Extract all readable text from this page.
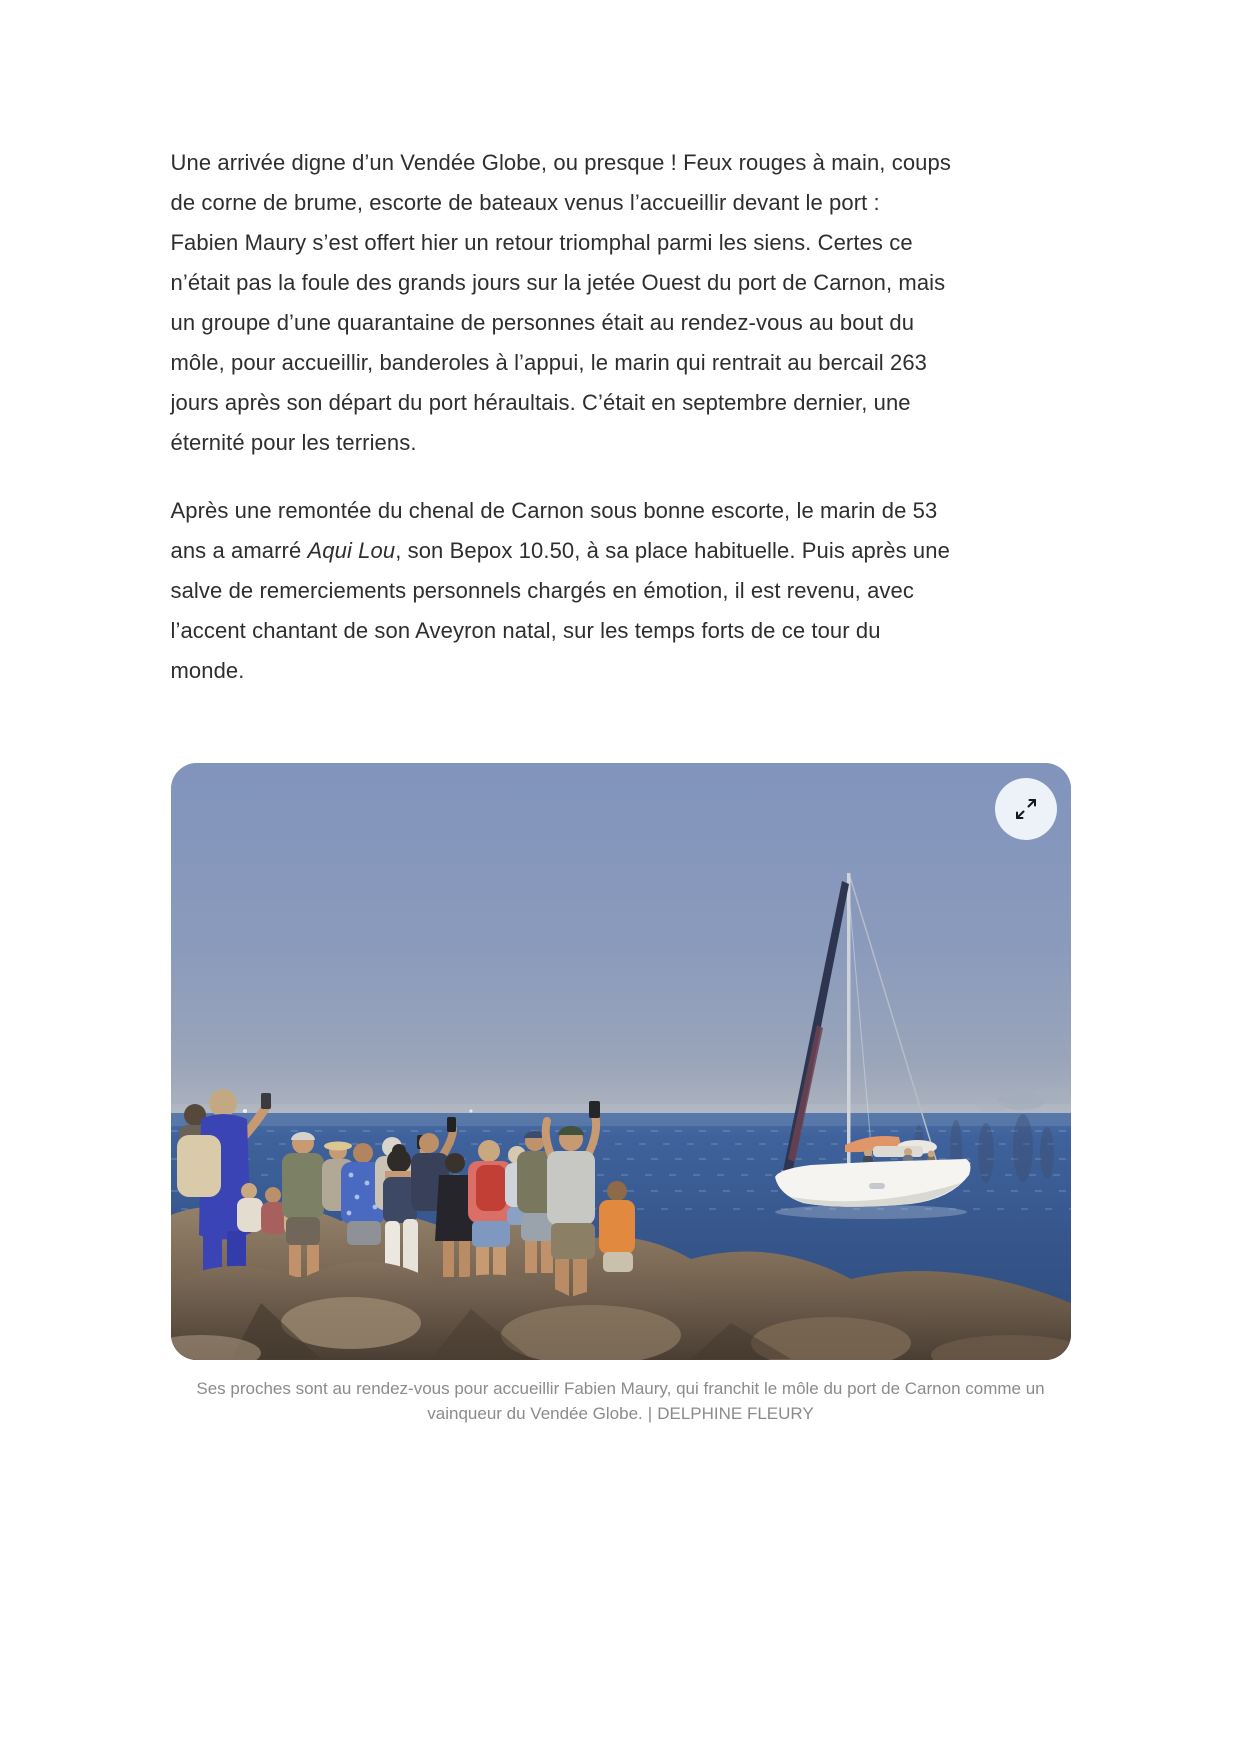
Une arrivée digne d’un Vendée Globe, ou presque ! Feux rouges à main, coups de corne de brume, escorte de bateaux venus l’accueillir devant le port : Fabien Maury s’est offert hier un retour triomphal parmi les siens. Certes ce n’était pas la foule des grands jours sur la jetée Ouest du port de Carnon, mais un groupe d’une quarantaine de personnes était au rendez-vous au bout du môle, pour accueillir, banderoles à l’appui, le marin qui rentrait au bercail 263 jours après son départ du port héraultais. C’était en septembre dernier, une éternité pour les terriens.

Après une remontée du chenal de Carnon sous bonne escorte, le marin de 53 ans a amarré Aqui Lou, son Bepox 10.50, à sa place habituelle. Puis après une salve de remerciements personnels chargés en émotion, il est revenu, avec l’accent chantant de son Aveyron natal, sur les temps forts de ce tour du monde.

Ses proches sont au rendez-vous pour accueillir Fabien Maury, qui franchit le môle du port de Carnon comme un vainqueur du Vendée Globe. | DELPHINE FLEURY
